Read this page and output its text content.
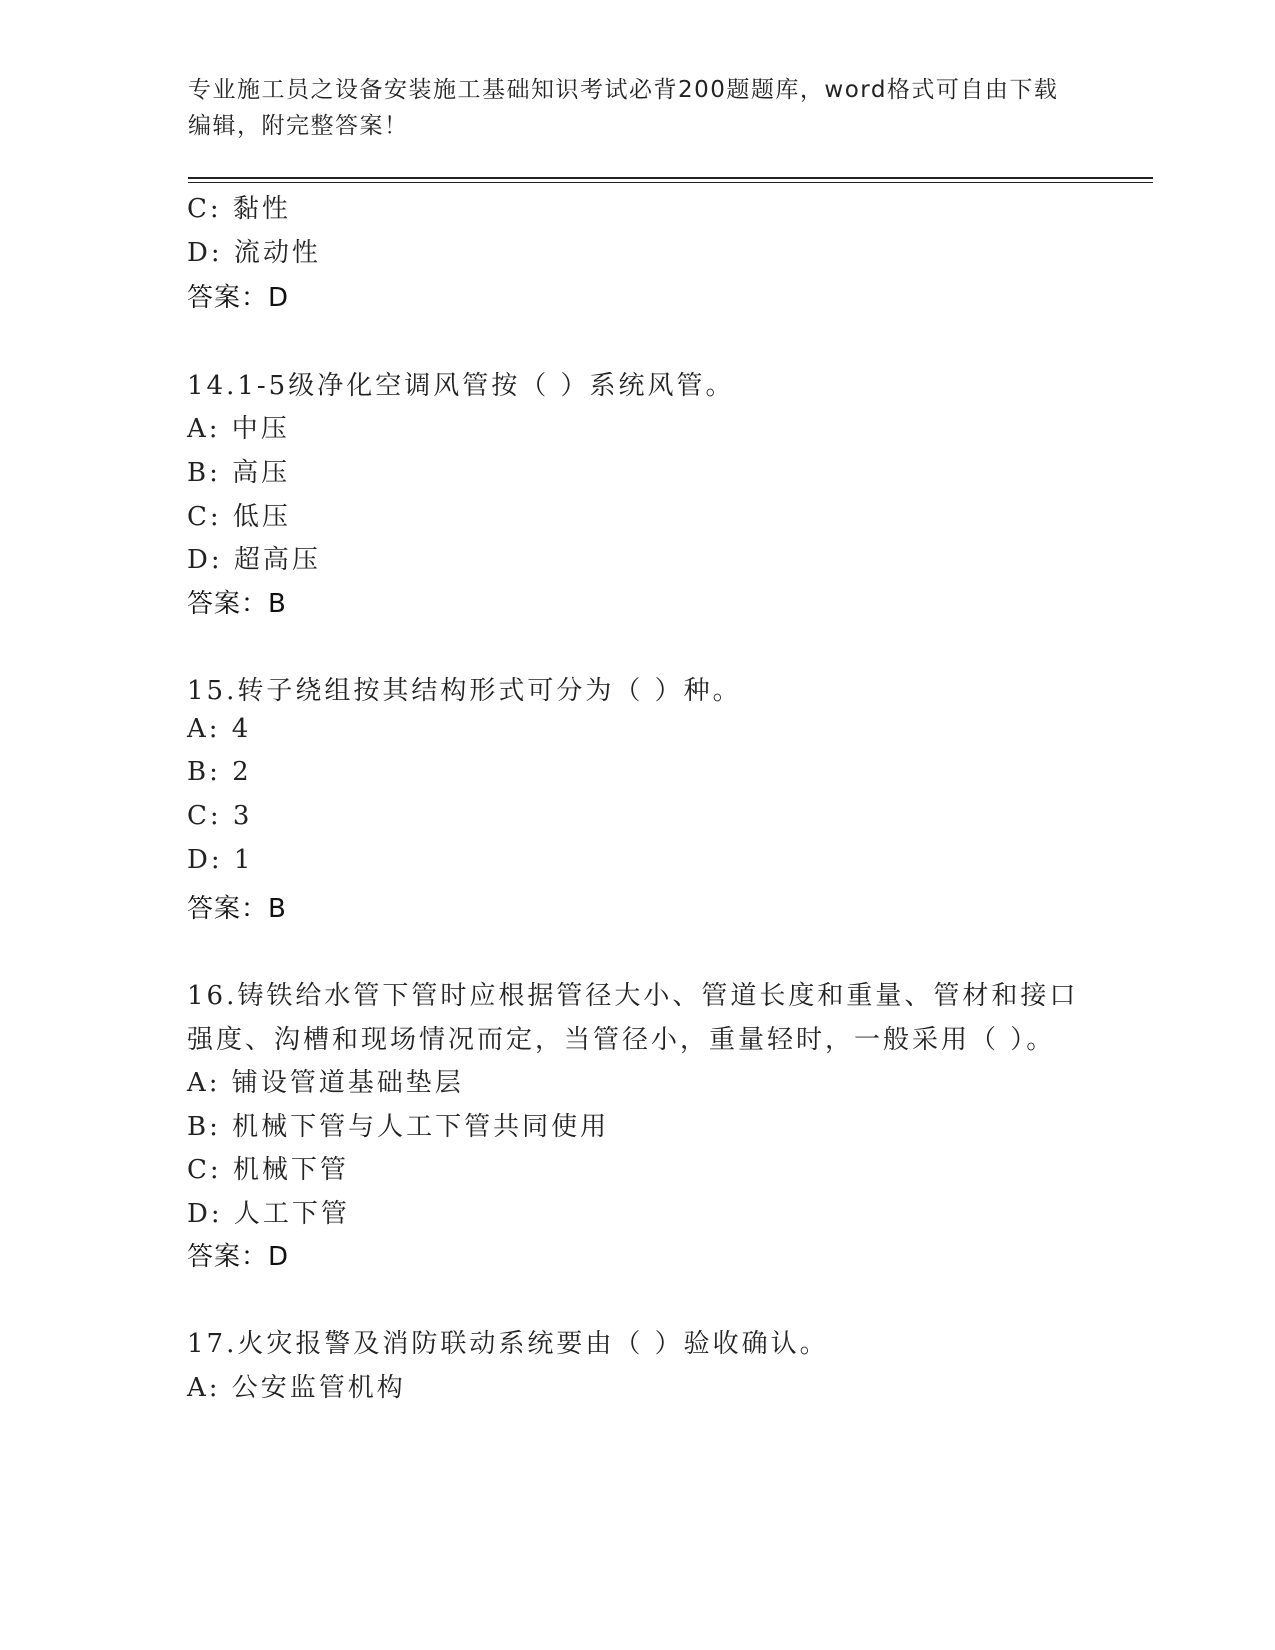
专业施工员之设备安装施工基础知识考试必背200题题库，word格式可自由下载
编辑，附完整答案！
C: 黏性
D: 流动性
答案：D
14.1-5级净化空调风管按（ ）系统风管。
A: 中压
B: 高压
C: 低压
D: 超高压
答案：B
15.转子绕组按其结构形式可分为（ ）种。
A: 4
B: 2
C: 3
D: 1
答案：B
16.铸铁给水管下管时应根据管径大小、管道长度和重量、管材和接口
强度、沟槽和现场情况而定，当管径小，重量轻时，一般采用（ ）。
A: 铺设管道基础垫层
B: 机械下管与人工下管共同使用
C: 机械下管
D: 人工下管
答案：D
17.火灾报警及消防联动系统要由（ ）验收确认。
A: 公安监管机构
